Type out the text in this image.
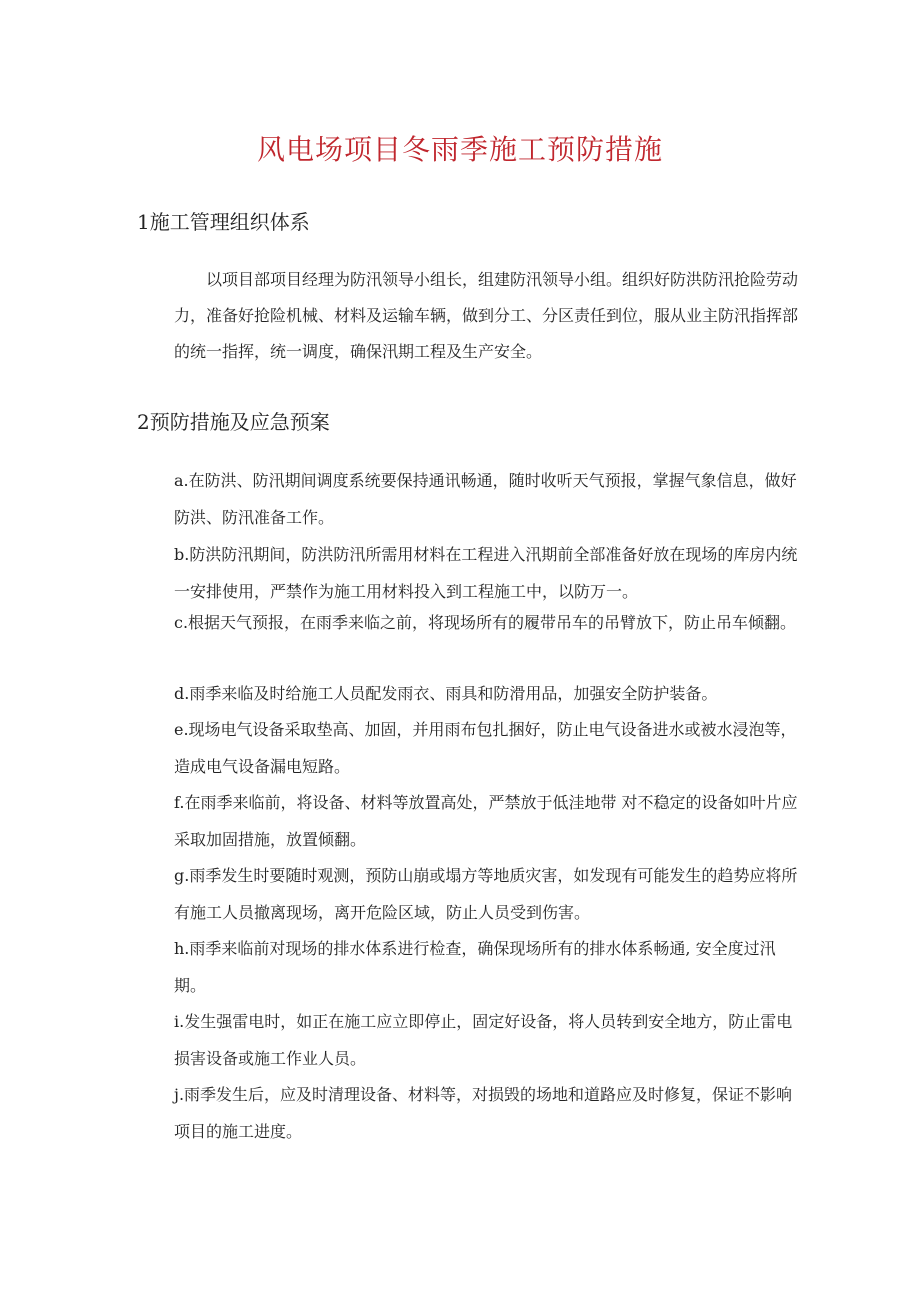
风电场项目冬雨季施工预防措施
1施工管理组织体系
以项目部项目经理为防汛领导小组长，组建防汛领导小组。组织好防洪防汛抢险劳动力，准备好抢险机械、材料及运输车辆，做到分工、分区责任到位，服从业主防汛指挥部的统一指挥，统一调度，确保汛期工程及生产安全。
2预防措施及应急预案
a.在防洪、防汛期间调度系统要保持通讯畅通，随时收听天气预报，掌握气象信息，做好防洪、防汛准备工作。
b.防洪防汛期间，防洪防汛所需用材料在工程进入汛期前全部准备好放在现场的库房内统一安排使用，严禁作为施工用材料投入到工程施工中，以防万一。
c.根据天气预报，在雨季来临之前，将现场所有的履带吊车的吊臂放下，防止吊车倾翻。
d.雨季来临及时给施工人员配发雨衣、雨具和防滑用品，加强安全防护装备。
e.现场电气设备采取垫高、加固，并用雨布包扎捆好，防止电气设备进水或被水浸泡等，造成电气设备漏电短路。
f.在雨季来临前，将设备、材料等放置高处，严禁放于低洼地带 对不稳定的设备如叶片应采取加固措施，放置倾翻。
g.雨季发生时要随时观测，预防山崩或塌方等地质灾害，如发现有可能发生的趋势应将所有施工人员撤离现场，离开危险区域，防止人员受到伤害。
h.雨季来临前对现场的排水体系进行检查，确保现场所有的排水体系畅通, 安全度过汛期。
i.发生强雷电时，如正在施工应立即停止，固定好设备，将人员转到安全地方，防止雷电损害设备或施工作业人员。
j.雨季发生后，应及时清理设备、材料等，对损毁的场地和道路应及时修复，保证不影响项目的施工进度。
